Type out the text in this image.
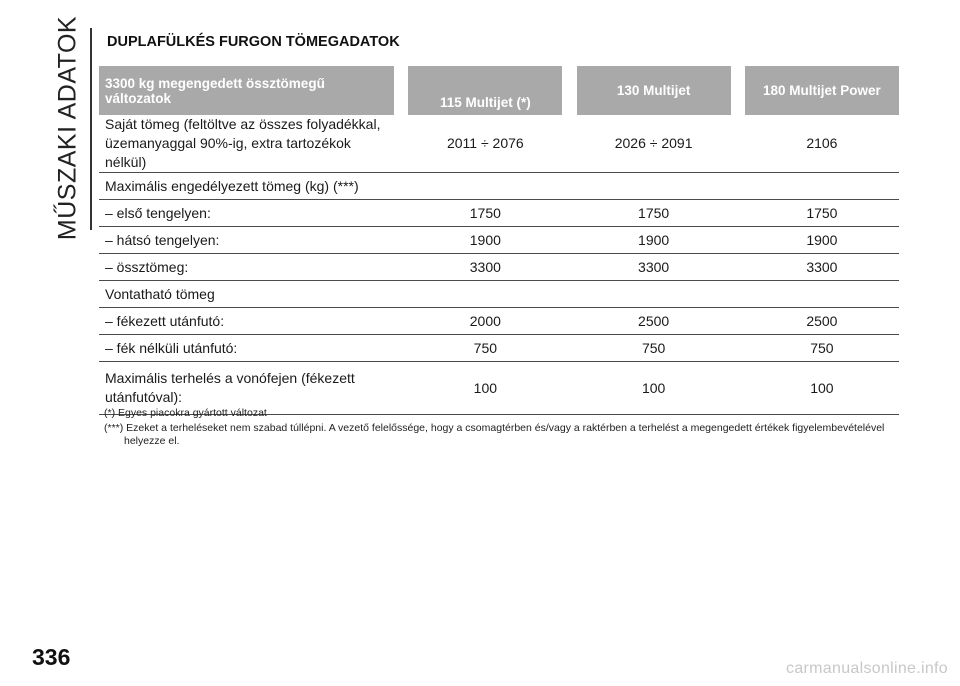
MŰSZAKI ADATOK DUPLAFÜLKÉS FURGON TÖMEGADATOK
3300 kg megengedett össztömegű változatok		115 Multijet (*)		130 Multijet		180 Multijet Power
Saját tömeg (feltöltve az összes folyadékkal, üzemanyaggal 90%-ig, extra tartozékok nélkül)		2011 ÷ 2076		2026 ÷ 2091		2106
Maximális engedélyezett tömeg (kg) (***)						
– első tengelyen:		1750		1750		1750
– hátsó tengelyen:		1900		1900		1900
– össztömeg:		3300		3300		3300
Vontatható tömeg						
– fékezett utánfutó:		2000		2500		2500
– fék nélküli utánfutó:		750		750		750
Maximális terhelés a vonófejen (fékezett utánfutóval):		100		100		100
(*) Egyes piacokra gyártott változat
(***) Ezeket a terheléseket nem szabad túllépni. A vezető felelőssége, hogy a csomagtérben és/vagy a raktérben a terhelést a megengedett értékek figyelembevételével helyezze el.
336	carmanualsonline.info
